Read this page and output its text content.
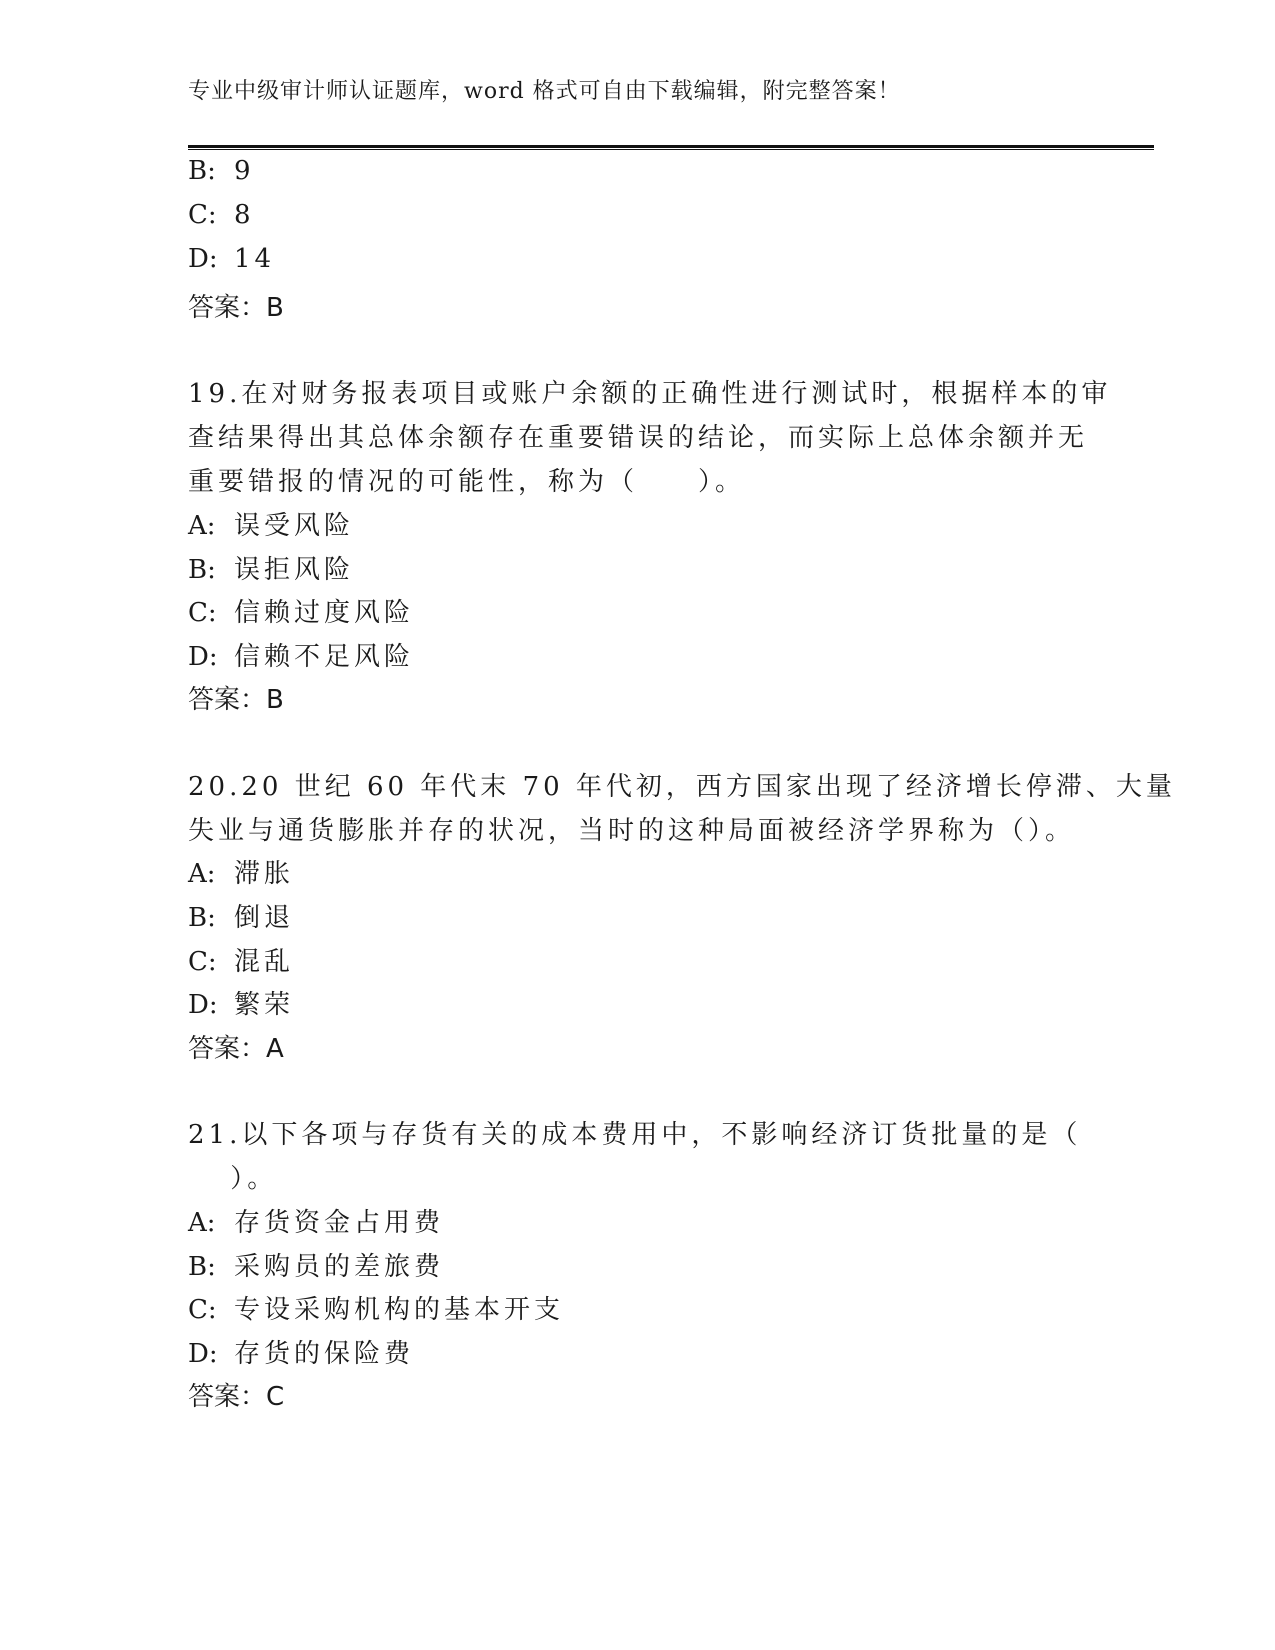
专业中级审计师认证题库，word 格式可自由下载编辑，附完整答案！
B: 9
C: 8
D: 14
答案：B
19.在对财务报表项目或账户余额的正确性进行测试时，根据样本的审
查结果得出其总体余额存在重要错误的结论，而实际上总体余额并无
重要错报的情况的可能性，称为（　　）。
A: 误受风险
B: 误拒风险
C: 信赖过度风险
D: 信赖不足风险
答案：B
20.20 世纪 60 年代末 70 年代初，西方国家出现了经济增长停滞、大量
失业与通货膨胀并存的状况，当时的这种局面被经济学界称为（）。
A: 滞胀
B: 倒退
C: 混乱
D: 繁荣
答案：A
21.以下各项与存货有关的成本费用中，不影响经济订货批量的是（
　 ）。
A: 存货资金占用费
B: 采购员的差旅费
C: 专设采购机构的基本开支
D: 存货的保险费
答案：C
